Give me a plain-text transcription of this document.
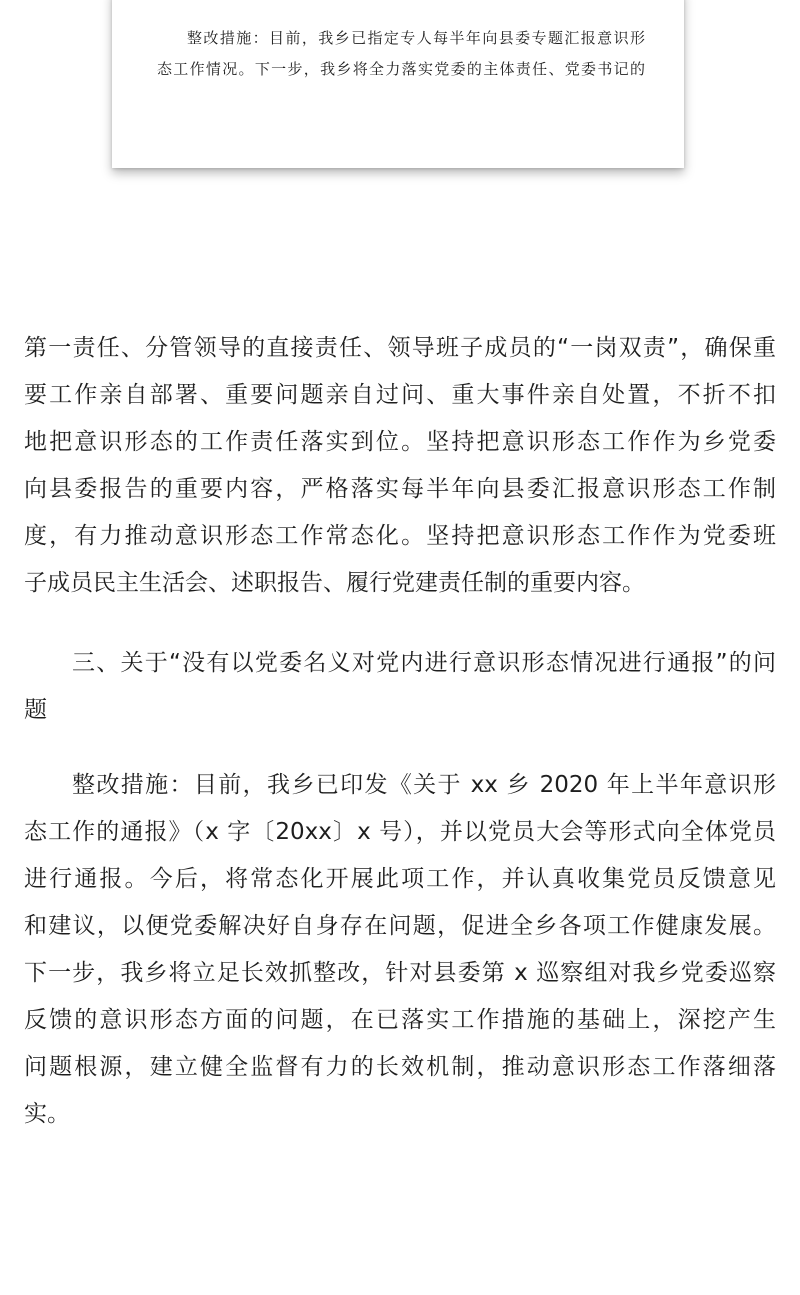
整改措施：目前，我乡已指定专人每半年向县委专题汇报意识形
态工作情况。下一步，我乡将全力落实党委的主体责任、党委书记的

第一责任、分管领导的直接责任、领导班子成员的“一岗双责”，确保重
要工作亲自部署、重要问题亲自过问、重大事件亲自处置，不折不扣
地把意识形态的工作责任落实到位。坚持把意识形态工作作为乡党委
向县委报告的重要内容，严格落实每半年向县委汇报意识形态工作制
度，有力推动意识形态工作常态化。坚持把意识形态工作作为党委班
子成员民主生活会、述职报告、履行党建责任制的重要内容。
三、关于“没有以党委名义对党内进行意识形态情况进行通报”的问
题
整改措施：目前，我乡已印发《关于 xx 乡 2020 年上半年意识形
态工作的通报》（x 字〔20xx〕x 号），并以党员大会等形式向全体党员
进行通报。今后，将常态化开展此项工作，并认真收集党员反馈意见
和建议，以便党委解决好自身存在问题，促进全乡各项工作健康发展。
下一步，我乡将立足长效抓整改，针对县委第 x 巡察组对我乡党委巡察
反馈的意识形态方面的问题，在已落实工作措施的基础上，深挖产生
问题根源，建立健全监督有力的长效机制，推动意识形态工作落细落
实。
